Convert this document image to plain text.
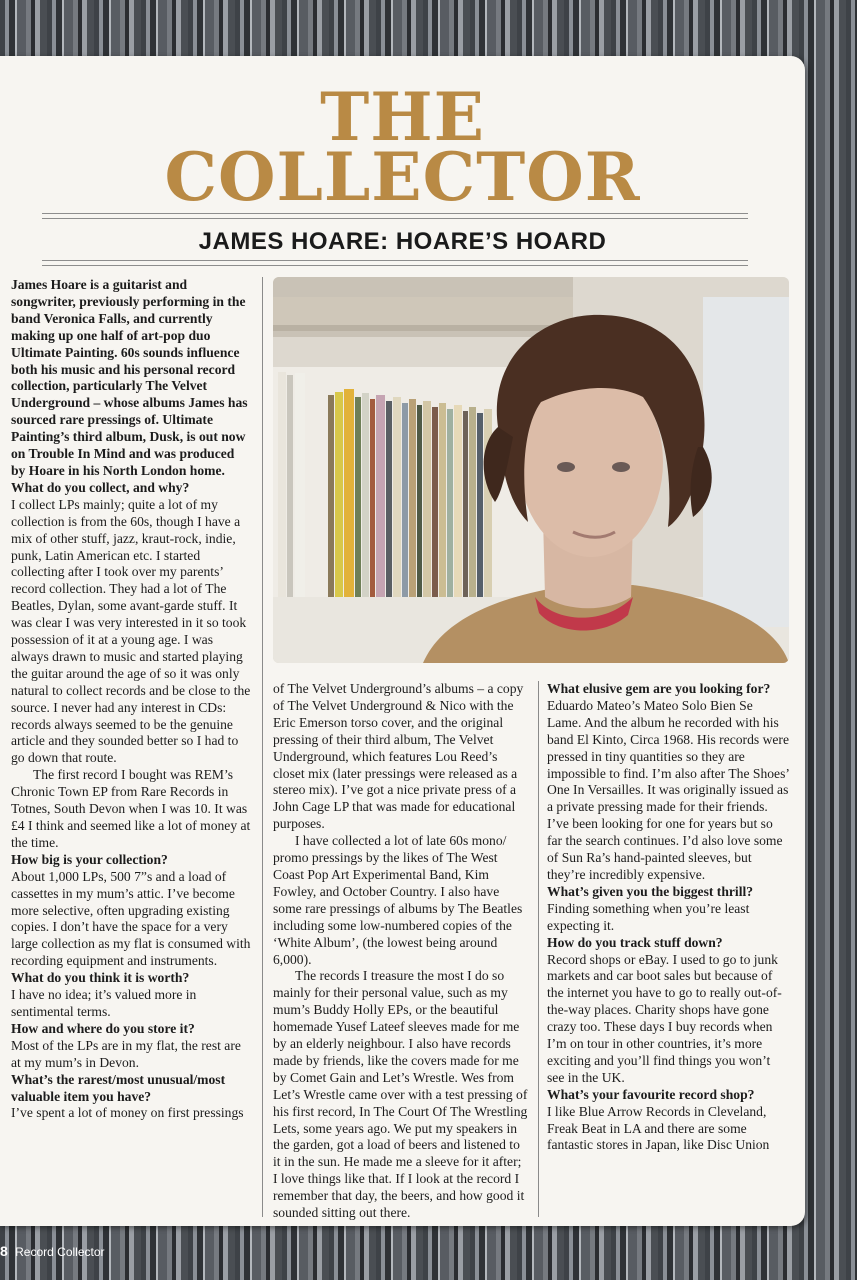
THE
COLLECTOR
JAMES HOARE: HOARE’S HOARD

James Hoare is a guitarist and songwriter, previously performing in the band Veronica Falls, and currently making up one half of art-pop duo Ultimate Painting. 60s sounds influence both his music and his personal record collection, particularly The Velvet Underground – whose albums James has sourced rare pressings of. Ultimate Painting’s third album, Dusk, is out now on Trouble In Mind and was produced by Hoare in his North London home.

What do you collect, and why?

I collect LPs mainly; quite a lot of my collection is from the 60s, though I have a mix of other stuff, jazz, kraut-rock, indie, punk, Latin American etc. I started collecting after I took over my parents’ record collection. They had a lot of The Beatles, Dylan, some avant-garde stuff. It was clear I was very interested in it so took possession of it at a young age. I was always drawn to music and started playing the guitar around the age of so it was only natural to collect records and be close to the source. I never had any interest in CDs: records always seemed to be the genuine article and they sounded better so I had to go down that route.

The first record I bought was REM’s Chronic Town EP from Rare Records in Totnes, South Devon when I was 10. It was £4 I think and seemed like a lot of money at the time.

How big is your collection?

About 1,000 LPs, 500 7”s and a load of cassettes in my mum’s attic. I’ve become more selective, often upgrading existing copies. I don’t have the space for a very large collection as my flat is consumed with recording equipment and instruments.

What do you think it is worth?

I have no idea; it’s valued more in sentimental terms.

How and where do you store it?

Most of the LPs are in my flat, the rest are at my mum’s in Devon.

What’s the rarest/most unusual/most valuable item you have?

I’ve spent a lot of money on first pressings

of The Velvet Underground’s albums – a copy of The Velvet Underground & Nico with the Eric Emerson torso cover, and the original pressing of their third album, The Velvet Underground, which features Lou Reed’s closet mix (later pressings were released as a stereo mix). I’ve got a nice private press of a John Cage LP that was made for educational purposes.

I have collected a lot of late 60s mono/ promo pressings by the likes of The West Coast Pop Art Experimental Band, Kim Fowley, and October Country. I also have some rare pressings of albums by The Beatles including some low-numbered copies of the ‘White Album’, (the lowest being around 6,000).

The records I treasure the most I do so mainly for their personal value, such as my mum’s Buddy Holly EPs, or the beautiful homemade Yusef Lateef sleeves made for me by an elderly neighbour. I also have records made by friends, like the covers made for me by Comet Gain and Let’s Wrestle. Wes from Let’s Wrestle came over with a test pressing of his first record, In The Court Of The Wrestling Lets, some years ago. We put my speakers in the garden, got a load of beers and listened to it in the sun. He made me a sleeve for it after; I love things like that. If I look at the record I remember that day, the beers, and how good it sounded sitting out there.

What elusive gem are you looking for?

Eduardo Mateo’s Mateo Solo Bien Se Lame. And the album he recorded with his band El Kinto, Circa 1968. His records were pressed in tiny quantities so they are impossible to find. I’m also after The Shoes’ One In Versailles. It was originally issued as a private pressing made for their friends. I’ve been looking for one for years but so far the search continues. I’d also love some of Sun Ra’s hand-painted sleeves, but they’re incredibly expensive.

What’s given you the biggest thrill?

Finding something when you’re least expecting it.

How do you track stuff down?

Record shops or eBay. I used to go to junk markets and car boot sales but because of the internet you have to go to really out-of-the-way places. Charity shops have gone crazy too. These days I buy records when I’m on tour in other countries, it’s more exciting and you’ll find things you won’t see in the UK.

What’s your favourite record shop?

I like Blue Arrow Records in Cleveland, Freak Beat in LA and there are some fantastic stores in Japan, like Disc Union

8 Record Collector
